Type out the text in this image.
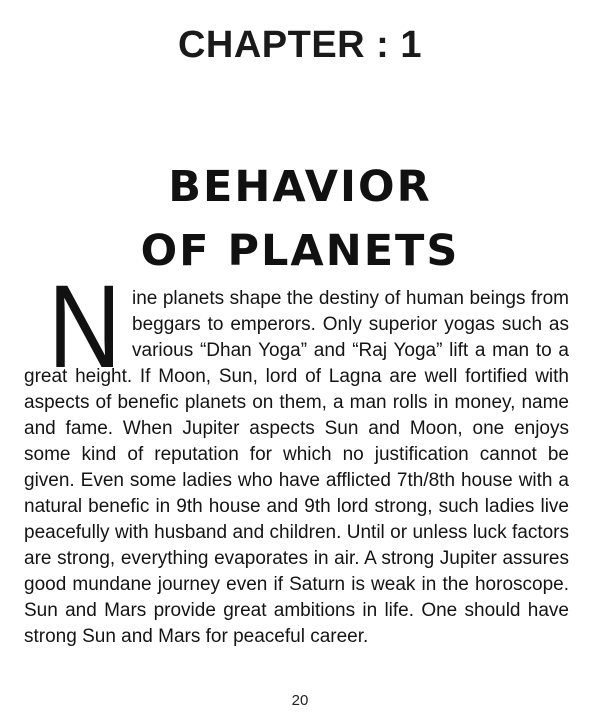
CHAPTER : 1
BEHAVIOR
OF PLANETS
N ine planets shape the destiny of human beings from
beggars to emperors. Only superior yogas such as
various “Dhan Yoga” and “Raj Yoga” lift a man to a
great height. If Moon, Sun, lord of Lagna are well fortified with
aspects of benefic planets on them, a man rolls in money, name
and fame. When Jupiter aspects Sun and Moon, one enjoys
some kind of reputation for which no justification cannot be
given. Even some ladies who have afflicted 7th/8th house with a
natural benefic in 9th house and 9th lord strong, such ladies live
peacefully with husband and children. Until or unless luck factors
are strong, everything evaporates in air. A strong Jupiter assures
good mundane journey even if Saturn is weak in the horoscope.
Sun and Mars provide great ambitions in life. One should have
strong Sun and Mars for peaceful career.
20
